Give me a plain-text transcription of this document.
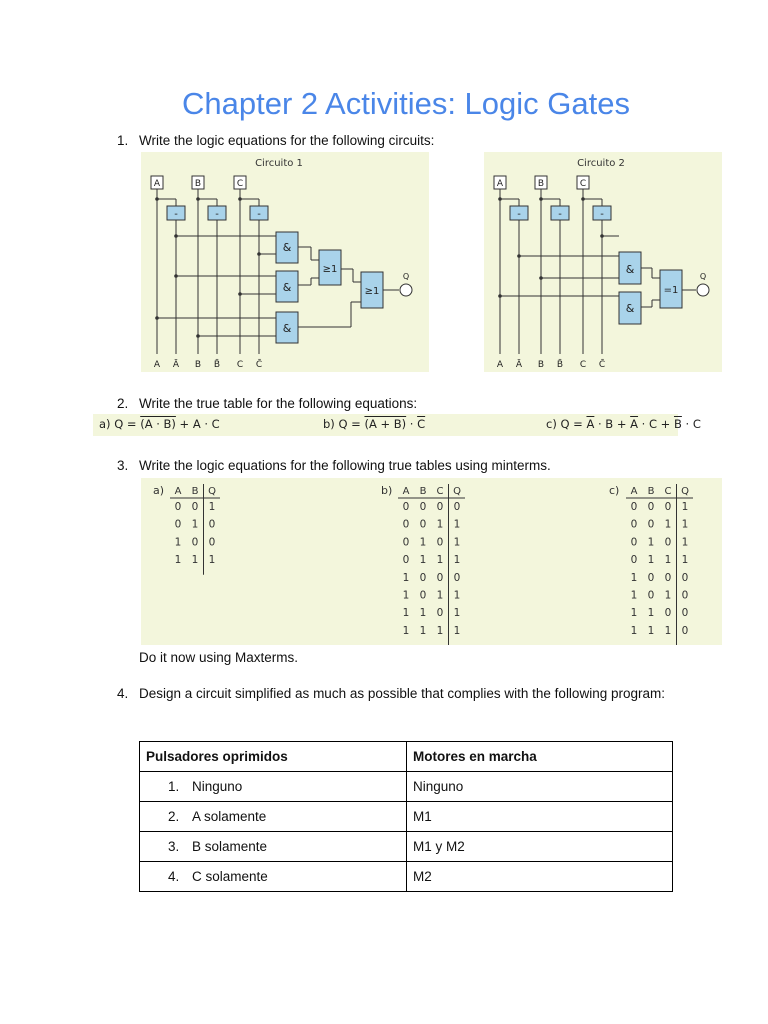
Chapter 2 Activities: Logic Gates
1. Write the logic equations for the following circuits:
Circuito 1
A	B	C
-	-	-
&
&
&
≥1
≥1
Q
A Ā B B̄ C C̄
Circuito 2
A	B	C
-	-	-
&
&
=1
Q
A Ā B B̄ C C̄
2. Write the true table for the following equations:
a) Q = (A · B) + A · C	b) $Q = (A + B) \cdot \overline{C}$	c) $Q = \overline{A} \cdot B + \overline{A} \cdot C + \overline{B} \cdot C$
3. Write the logic equations for the following true tables using minterms.
a) A B Q
0 0 1
0 1 0
1 0 0
1 1 1
b) A B C Q
0 0 0 0
0 0 1 1
0 1 0 1
0 1 1 1
1 0 0 0
1 0 1 1
1 1 0 1
1 1 1 1
c) A B C Q
0 0 0 1
0 0 1 1
0 1 0 1
0 1 1 1
1 0 0 0
1 0 1 0
1 1 0 0
1 1 1 0
Do it now using Maxterms.
4. Design a circuit simplified as much as possible that complies with the following program:
Pulsadores oprimidos	Motores en marcha
1. Ninguno	Ninguno
2. A solamente	M1
3. B solamente	M1 y M2
4. C solamente	M2
